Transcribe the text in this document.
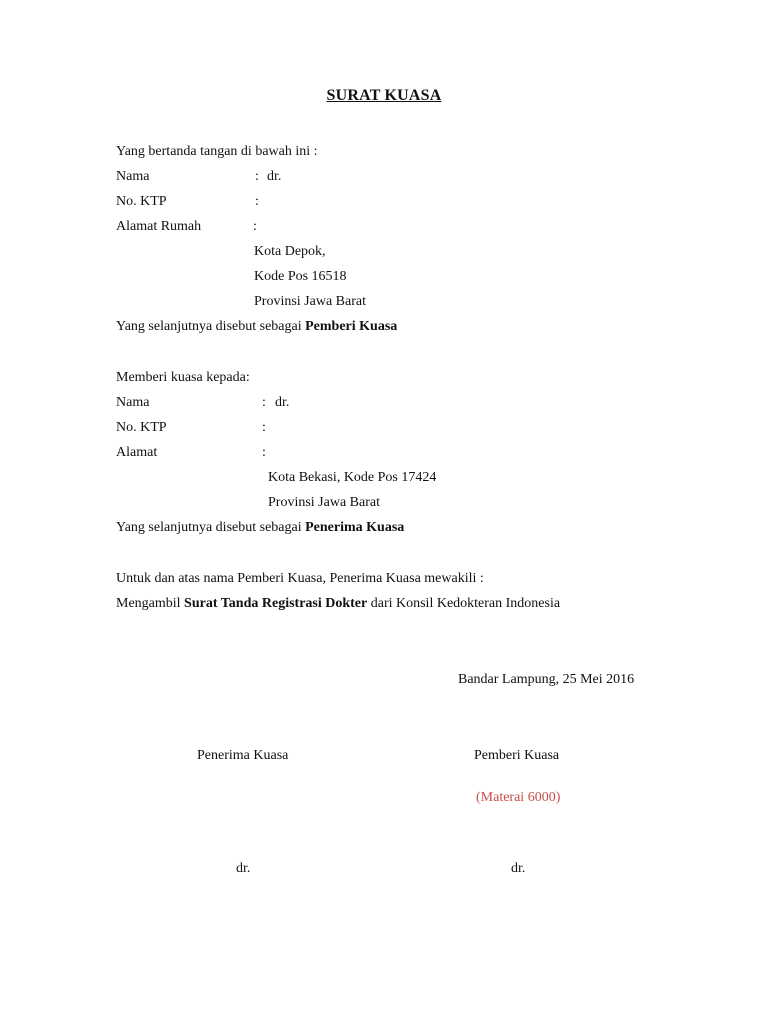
SURAT KUASA
Yang bertanda tangan di bawah ini :
Nama	: dr.
No. KTP	:
Alamat Rumah	:
Kota Depok,
Kode Pos 16518
Provinsi Jawa Barat
Yang selanjutnya disebut sebagai Pemberi Kuasa
Memberi kuasa kepada:
Nama	: dr.
No. KTP	:
Alamat	:
Kota Bekasi, Kode Pos 17424
Provinsi Jawa Barat
Yang selanjutnya disebut sebagai Penerima Kuasa
Untuk dan atas nama Pemberi Kuasa, Penerima Kuasa mewakili :
Mengambil Surat Tanda Registrasi Dokter dari Konsil Kedokteran Indonesia
Bandar Lampung, 25 Mei 2016
Penerima Kuasa	Pemberi Kuasa
(Materai 6000)
dr.	dr.
